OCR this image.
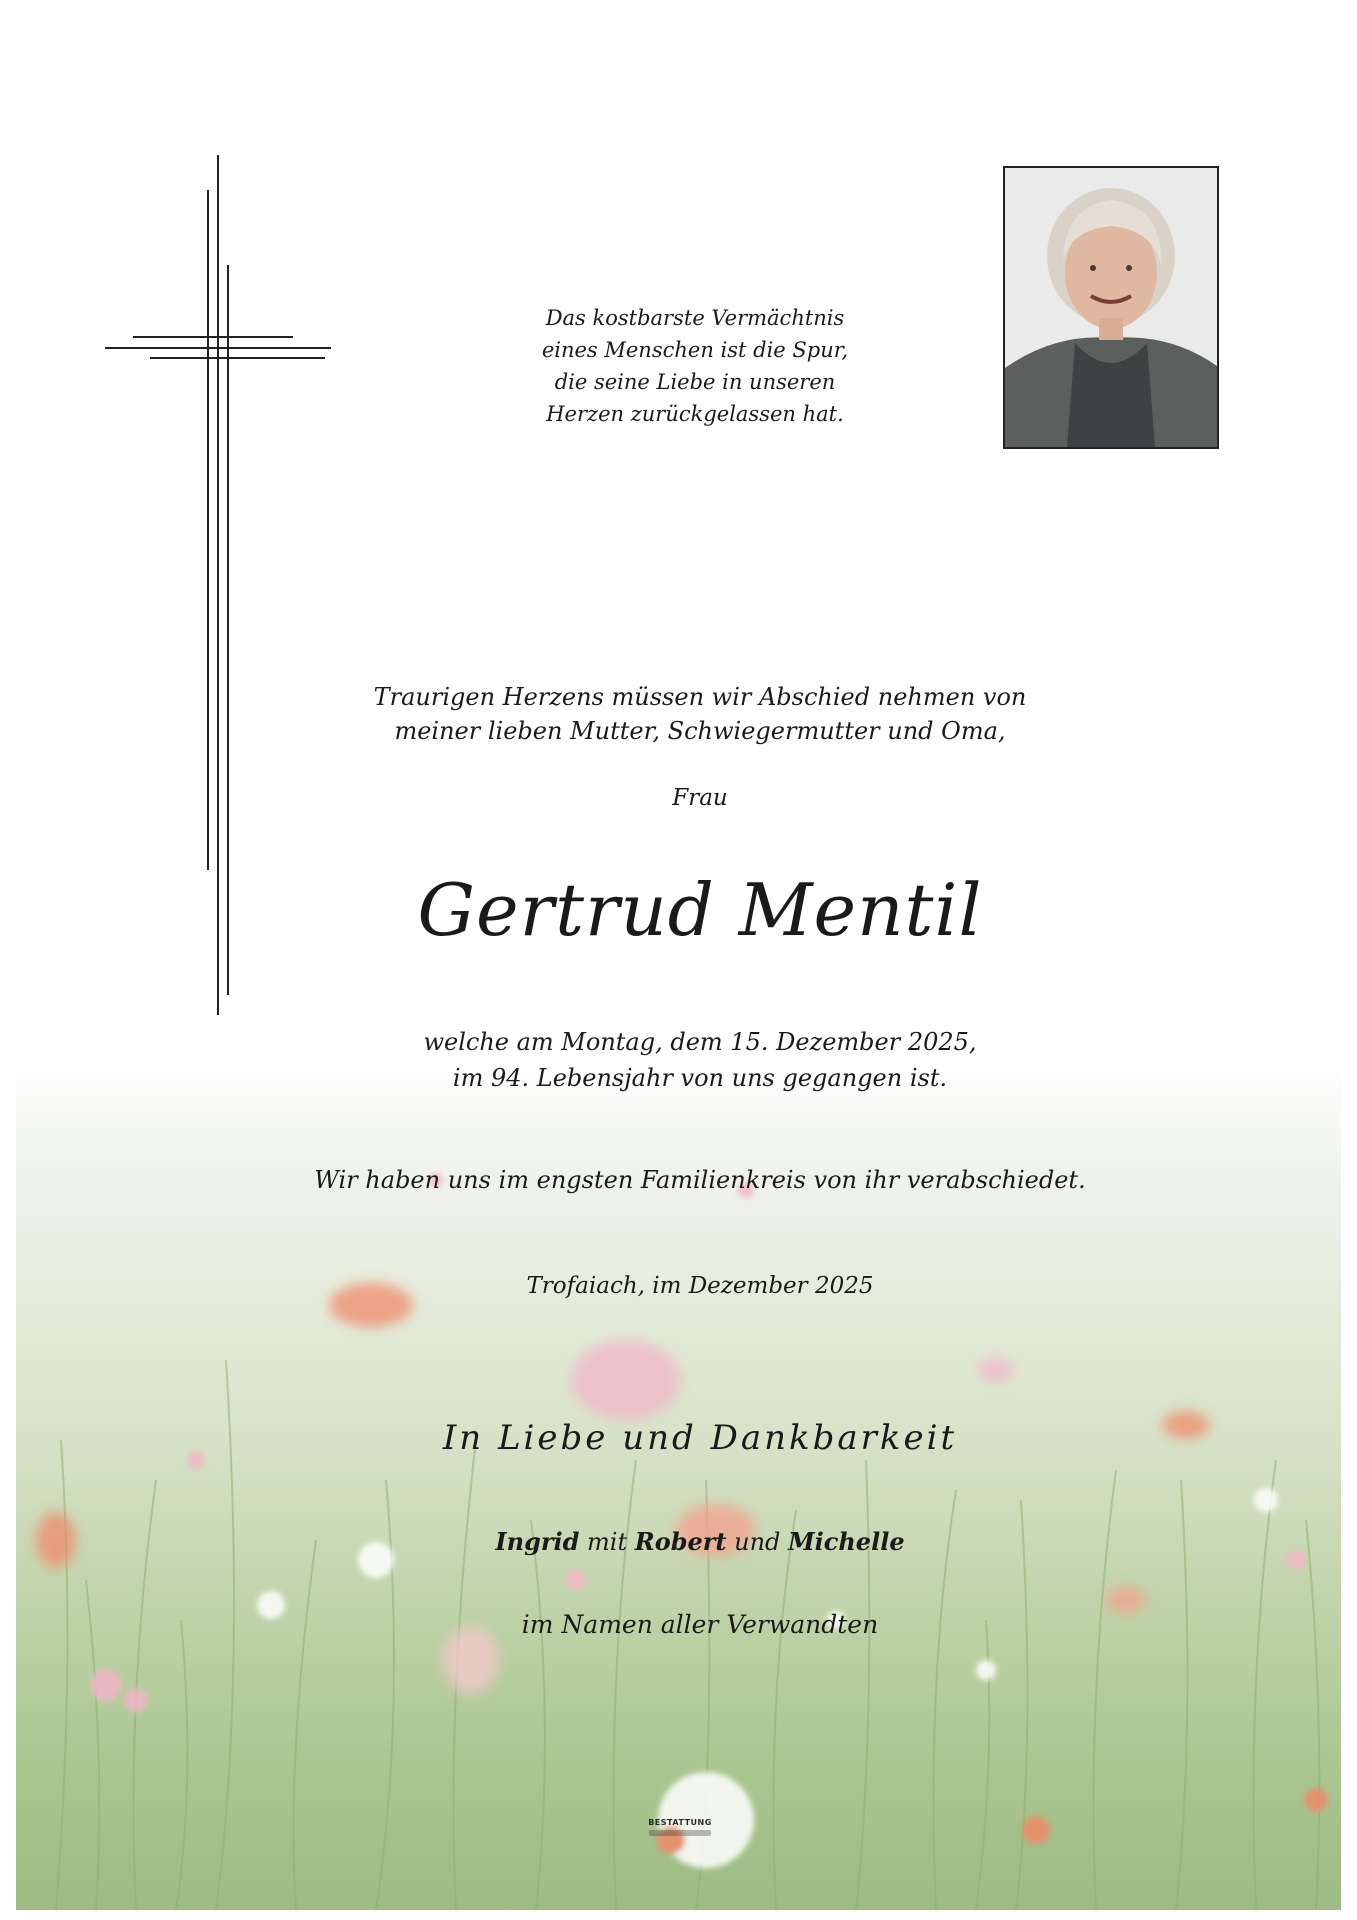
Das kostbarste Vermächtnis
eines Menschen ist die Spur,
die seine Liebe in unseren
Herzen zurückgelassen hat.
Traurigen Herzens müssen wir Abschied nehmen von
meiner lieben Mutter, Schwiegermutter und Oma,
Frau
Gertrud Mentil
welche am Montag, dem 15. Dezember 2025,
im 94. Lebensjahr von uns gegangen ist.
Wir haben uns im engsten Familienkreis von ihr verabschiedet.
Trofaiach, im Dezember 2025
In Liebe und Dankbarkeit
Ingrid mit Robert und Michelle
im Namen aller Verwandten
BESTATTUNG
